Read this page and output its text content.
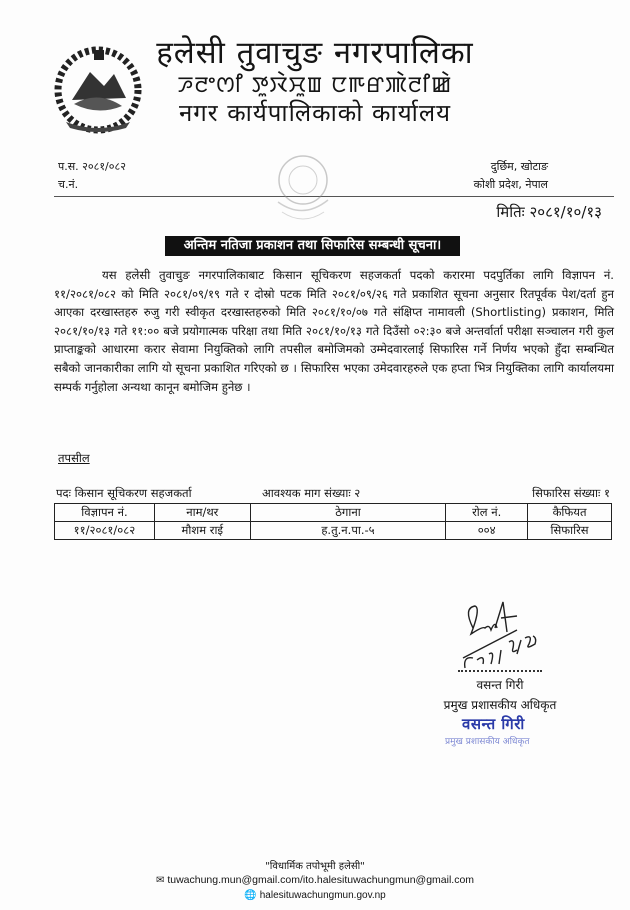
हलेसी तुवाचुङ नगरपालिका
ꯍꯂꯦꯁꯤ ꯇꯨꯋꯥꯆꯨꯡ ꯅꯒꯔꯄꯥꯂꯤꯀꯥ
नगर कार्यपालिकाको कार्यालय
प.स. २०८१/०८२
च.नं.
दुर्छिम, खोटाङ
कोशी प्रदेश, नेपाल
मितिः २०८१/१०/१३
अन्तिम नतिजा प्रकाशन तथा सिफारिस सम्बन्धी सूचना।
यस हलेसी तुवाचुङ नगरपालिकाबाट किसान सूचिकरण सहजकर्ता पदको करारमा पदपुर्तिका लागि विज्ञापन नं. ११/२०८१/०८२ को मिति २०८१/०९/१९ गते र दोस्रो पटक मिति २०८१/०९/२६ गते प्रकाशित सूचना अनुसार रितपूर्वक पेश/दर्ता हुन आएका दरखास्तहरु रुजु गरी स्वीकृत दरखास्तहरुको मिति २०८१/१०/०७ गते संक्षिप्त नामावली (Shortlisting) प्रकाशन, मिति २०८१/१०/१३ गते ११:०० बजे प्रयोगात्मक परिक्षा तथा मिति २०८१/१०/१३ गते दिउँसो ०२:३० बजे अन्तर्वार्ता परीक्षा सञ्चालन गरी कुल प्राप्ताङ्कको आधारमा करार सेवामा नियुक्तिको लागि तपसील बमोजिमको उम्मेदवारलाई सिफारिस गर्ने निर्णय भएको हुँदा सम्बन्धित सबैको जानकारीका लागि यो सूचना प्रकाशित गरिएको छ । सिफारिस भएका उमेदवारहरुले एक हप्ता भित्र नियुक्तिका लागि कार्यालयमा सम्पर्क गर्नुहोला अन्यथा कानून बमोजिम हुनेछ ।
तपसील
पदः किसान सूचिकरण सहजकर्ता	आवश्यक माग संख्याः २	सिफारिस संख्याः १
विज्ञापन नं.	नाम/थर	ठेगाना	रोल नं.	कैफियत
११/२०८१/०८२	मौशम राई	ह.तु.न.पा.-५	००४	सिफारिस
वसन्त गिरी
प्रमुख प्रशासकीय अधिकृत
वसन्त गिरी
प्रमुख प्रशासकीय अधिकृत
"विधार्मिक तपोभूमी हलेसी"
✉ tuwachung.mun@gmail.com/ito.halesituwachungmun@gmail.com
🌐 halesituwachungmun.gov.np
